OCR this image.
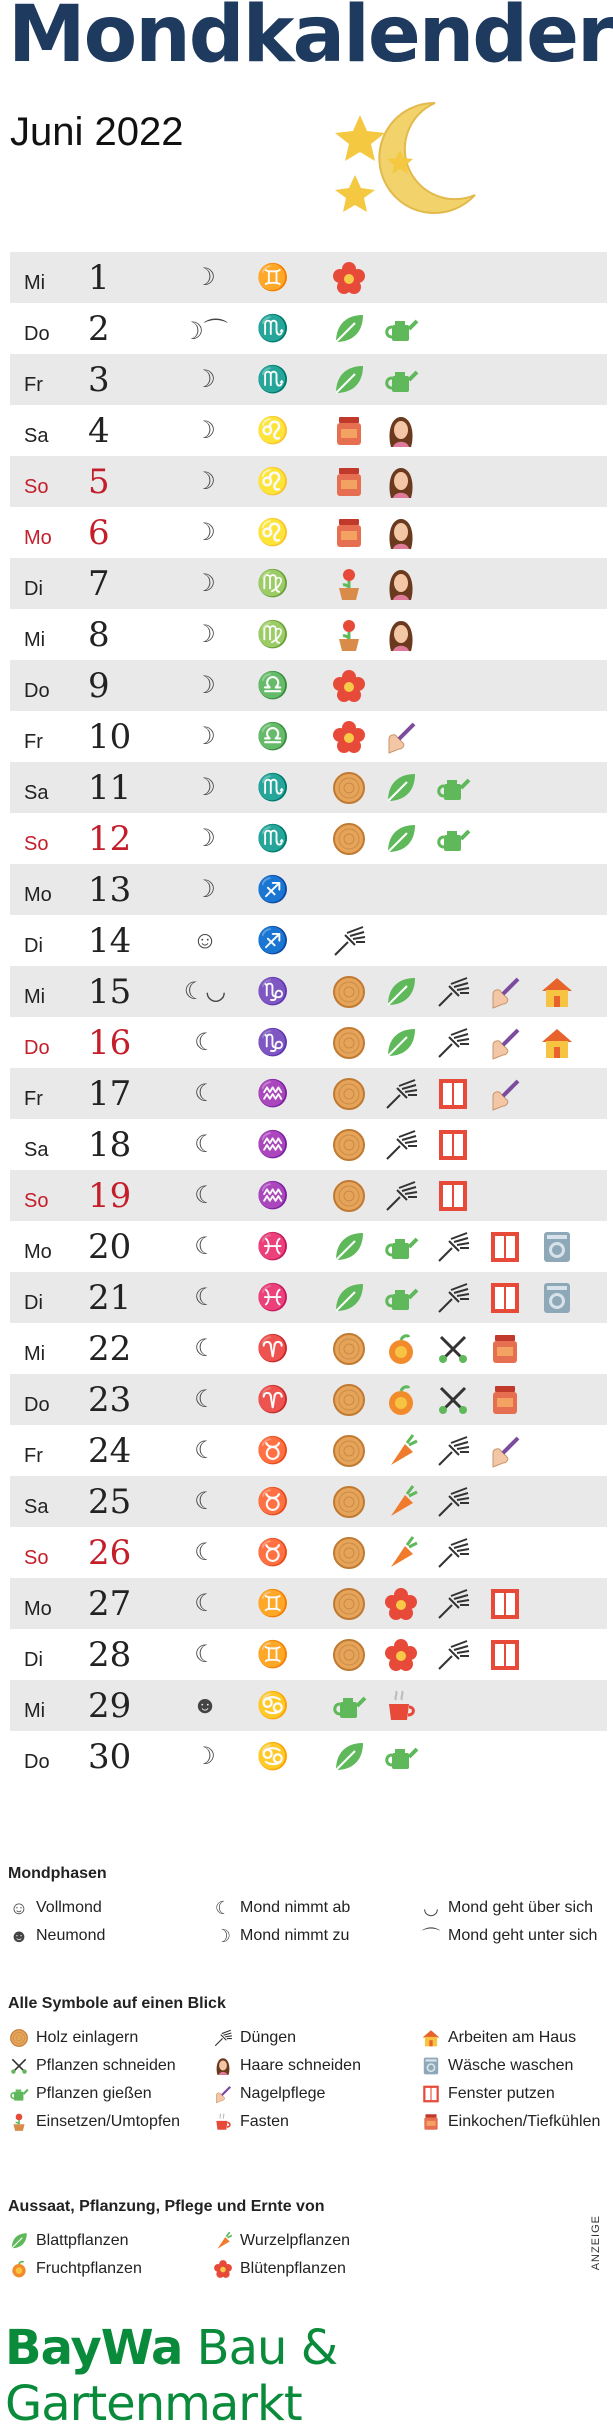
Mondkalender
Juni 2022
Mi	1	☽	♊
Do	2	☽⌒	♏
Fr	3	☽	♏
Sa	4	☽	♌
So	5	☽	♌
Mo	6	☽	♌
Di	7	☽	♍
Mi	8	☽	♍
Do	9	☽	♎
Fr	10	☽	♎
Sa	11	☽	♏
So	12	☽	♏
Mo	13	☽	♐
Di	14	☺	♐
Mi	15	☾◡	♑
Do	16	☾	♑
Fr	17	☾	♒
Sa	18	☾	♒
So	19	☾	♒
Mo	20	☾	♓
Di	21	☾	♓
Mi	22	☾	♈
Do	23	☾	♈
Fr	24	☾	♉
Sa	25	☾	♉
So	26	☾	♉
Mo	27	☾	♊
Di	28	☾	♊
Mi	29	☻	♋
Do	30	☽	♋
Mondphasen
☺ Vollmond	☾ Mond nimmt ab	◡ Mond geht über sich
☻ Neumond	☽ Mond nimmt zu	⌒ Mond geht unter sich
Alle Symbole auf einen Blick
Holz einlagern	Düngen	Arbeiten am Haus
Pflanzen schneiden	Haare schneiden	Wäsche waschen
Pflanzen gießen	Nagelpflege	Fenster putzen
Einsetzen/Umtopfen	Fasten	Einkochen/Tiefkühlen
Aussaat, Pflanzung, Pflege und Ernte von
Blattpflanzen	Wurzelpflanzen
Fruchtpflanzen	Blütenpflanzen	ANZEIGE
BayWa Bau & Gartenmarkt
